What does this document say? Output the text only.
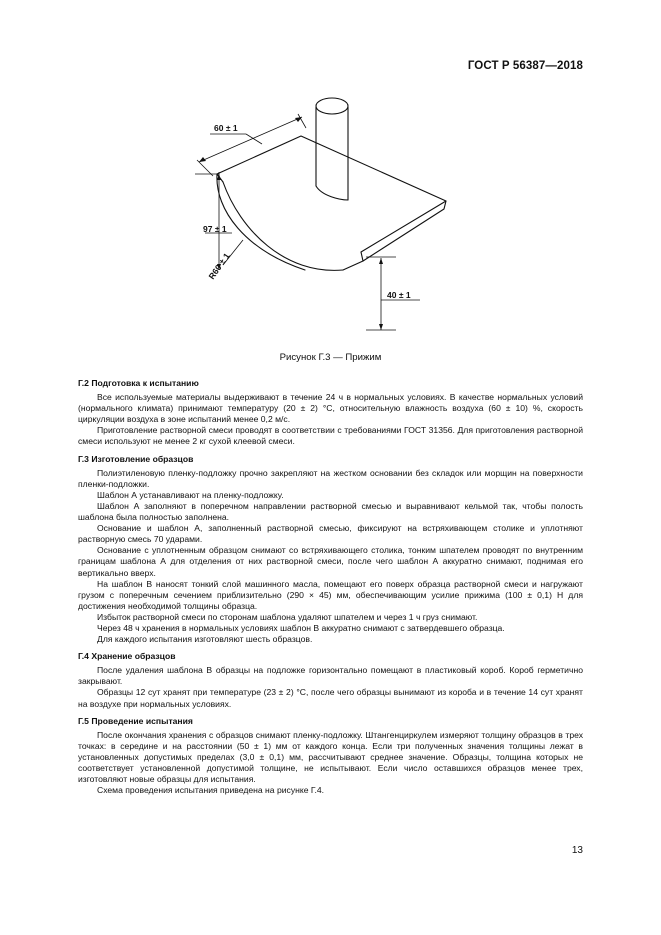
ГОСТ Р 56387—2018
60 ± 1
97 ± 1
R60 ± 1
40 ± 1
Рисунок Г.3 — Прижим
Г.2 Подготовка к испытанию

Все используемые материалы выдерживают в течение 24 ч в нормальных условиях. В качестве нормальных условий (нормального климата) принимают температуру (20 ± 2) °С, относительную влажность воздуха (60 ± 10) %, скорость циркуляции воздуха в зоне испытаний менее 0,2 м/с.

Приготовление растворной смеси проводят в соответствии с требованиями ГОСТ 31356. Для приготовления растворной смеси используют не менее 2 кг сухой клеевой смеси.

Г.3 Изготовление образцов

Полиэтиленовую пленку-подложку прочно закрепляют на жестком основании без складок или морщин на поверхности пленки-подложки.

Шаблон А устанавливают на пленку-подложку.

Шаблон А заполняют в поперечном направлении растворной смесью и выравнивают кельмой так, чтобы полость шаблона была полностью заполнена.

Основание и шаблон А, заполненный растворной смесью, фиксируют на встряхивающем столике и уплотняют растворную смесь 70 ударами.

Основание с уплотненным образцом снимают со встряхивающего столика, тонким шпателем проводят по внутренним границам шаблона А для отделения от них растворной смеси, после чего шаблон А аккуратно снимают, поднимая его вертикально вверх.

На шаблон В наносят тонкий слой машинного масла, помещают его поверх образца растворной смеси и нагружают грузом с поперечным сечением приблизительно (290 × 45) мм, обеспечивающим усилие прижима (100 ± 0,1) Н для достижения необходимой толщины образца.

Избыток растворной смеси по сторонам шаблона удаляют шпателем и через 1 ч груз снимают.

Через 48 ч хранения в нормальных условиях шаблон В аккуратно снимают с затвердевшего образца.

Для каждого испытания изготовляют шесть образцов.

Г.4 Хранение образцов

После удаления шаблона В образцы на подложке горизонтально помещают в пластиковый короб. Короб герметично закрывают.

Образцы 12 сут хранят при температуре (23 ± 2) °С, после чего образцы вынимают из короба и в течение 14 сут хранят на воздухе при нормальных условиях.

Г.5 Проведение испытания

После окончания хранения с образцов снимают пленку-подложку. Штангенциркулем измеряют толщину образцов в трех точках: в середине и на расстоянии (50 ± 1) мм от каждого конца. Если три полученных значения толщины лежат в установленных допустимых пределах (3,0 ± 0,1) мм, рассчитывают среднее значение. Образцы, толщина которых не соответствует установленной допустимой толщине, не испытывают. Если число оставшихся образцов менее трех, изготовляют новые образцы для испытания.

Схема проведения испытания приведена на рисунке Г.4.

13
